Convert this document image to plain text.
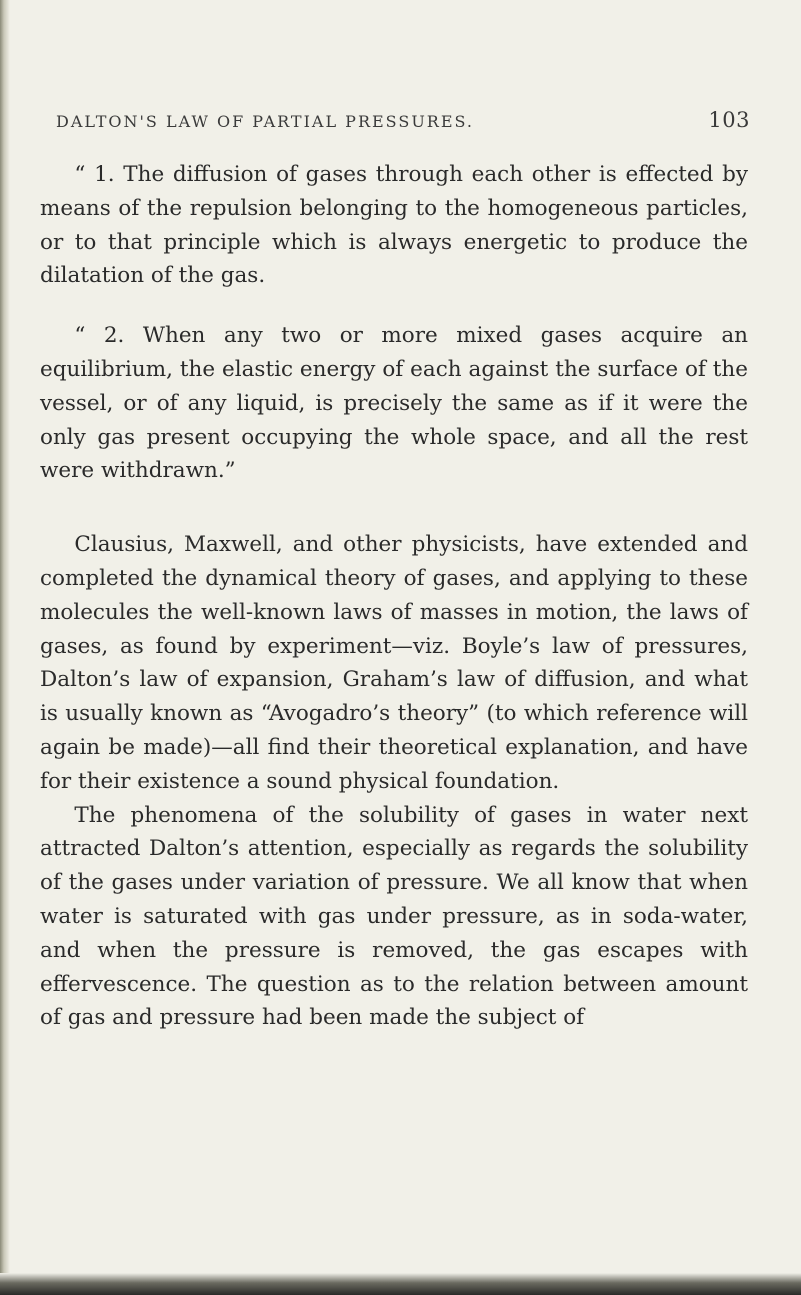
DALTON'S LAW OF PARTIAL PRESSURES.	103

“ 1. The diffusion of gases through each other is effected by means of the repulsion belonging to the homogeneous particles, or to that principle which is always energetic to produce the dilatation of the gas.

“ 2. When any two or more mixed gases acquire an equilibrium, the elastic energy of each against the surface of the vessel, or of any liquid, is precisely the same as if it were the only gas present occupying the whole space, and all the rest were withdrawn.”

Clausius, Maxwell, and other physicists, have extended and completed the dynamical theory of gases, and applying to these molecules the well-known laws of masses in motion, the laws of gases, as found by experiment—viz. Boyle’s law of pressures, Dalton’s law of expansion, Graham’s law of diffusion, and what is usually known as “Avogadro’s theory” (to which reference will again be made)—all find their theoretical explanation, and have for their existence a sound physical foundation.

The phenomena of the solubility of gases in water next attracted Dalton’s attention, especially as regards the solubility of the gases under variation of pressure. We all know that when water is saturated with gas under pressure, as in soda-water, and when the pressure is removed, the gas escapes with effervescence. The question as to the relation between amount of gas and pressure had been made the subject of
